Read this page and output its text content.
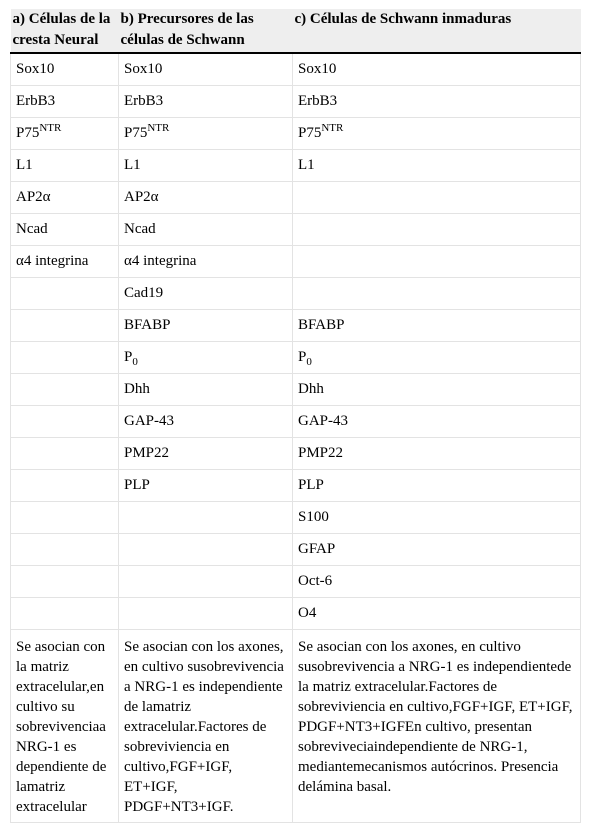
a) Células de la cresta Neural	b) Precursores de las células de Schwann	c) Células de Schwann inmaduras
Sox10	Sox10	Sox10
ErbB3	ErbB3	ErbB3
$P75^{NTR}$	$P75^{NTR}$	$P75^{NTR}$
L1	L1	L1
AP2α	AP2α	
Ncad	Ncad	
α4 integrina	α4 integrina	
	Cad19	
	BFABP	BFABP
	$P_0$	$P_0$
	Dhh	Dhh
	GAP-43	GAP-43
	PMP22	PMP22
	PLP	PLP
		S100
		GFAP
		Oct-6
		O4
Se asocian con la matriz extracelular,en cultivo su sobrevivenciaa NRG-1 es dependiente de lamatriz extracelular	Se asocian con los axones, en cultivo susobrevivencia a NRG-1 es independiente de lamatriz extracelular.Factores de sobreviviencia en cultivo,FGF+IGF, ET+IGF, PDGF+NT3+IGF.	Se asocian con los axones, en cultivo susobrevivencia a NRG-1 es independientede la matriz extracelular.Factores de sobreviviencia en cultivo,FGF+IGF, ET+IGF, PDGF+NT3+IGFEn cultivo, presentan sobreviveciaindependiente de NRG-1, mediantemecanismos autócrinos. Presencia delámina basal.
